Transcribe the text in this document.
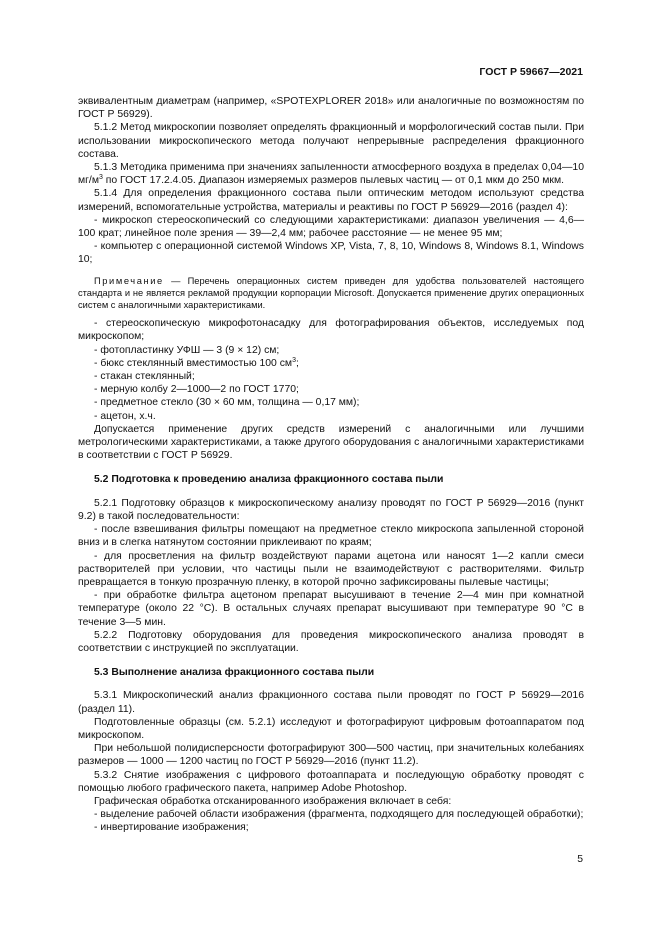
ГОСТ Р 59667—2021

эквивалентным диаметрам (например, «SPOTEXPLORER 2018» или аналогичные по возможностям по ГОСТ Р 56929).

5.1.2 Метод микроскопии позволяет определять фракционный и морфологический состав пыли. При использовании микроскопического метода получают непрерывные распределения фракционного состава.

5.1.3 Методика применима при значениях запыленности атмосферного воздуха в пределах 0,04—10 $мг/м^3$ по ГОСТ 17.2.4.05. Диапазон измеряемых размеров пылевых частиц — от 0,1 мкм до 250 мкм.

5.1.4 Для определения фракционного состава пыли оптическим методом используют средства измерений, вспомогательные устройства, материалы и реактивы по ГОСТ Р 56929—2016 (раздел 4):

- микроскоп стереоскопический со следующими характеристиками: диапазон увеличения — 4,6—100 крат; линейное поле зрения — 39—2,4 мм; рабочее расстояние — не менее 95 мм;

- компьютер с операционной системой Windows XP, Vista, 7, 8, 10, Windows 8, Windows 8.1, Windows 10;

Примечание — Перечень операционных систем приведен для удобства пользователей настоящего стандарта и не является рекламой продукции корпорации Microsoft. Допускается применение других операционных систем с аналогичными характеристиками.

- стереоскопическую микрофотонасадку для фотографирования объектов, исследуемых под микроскопом;

- фотопластинку УФШ — 3 (9 × 12) см;

- бюкс стеклянный вместимостью 100 $см^3$;

- стакан стеклянный;

- мерную колбу 2—1000—2 по ГОСТ 1770;

- предметное стекло (30 × 60 мм, толщина — 0,17 мм);

- ацетон, х.ч.

Допускается применение других средств измерений с аналогичными или лучшими метрологическими характеристиками, а также другого оборудования с аналогичными характеристиками в соответствии с ГОСТ Р 56929.

5.2 Подготовка к проведению анализа фракционного состава пыли

5.2.1 Подготовку образцов к микроскопическому анализу проводят по ГОСТ Р 56929—2016 (пункт 9.2) в такой последовательности:

- после взвешивания фильтры помещают на предметное стекло микроскопа запыленной стороной вниз и в слегка натянутом состоянии приклеивают по краям;

- для просветления на фильтр воздействуют парами ацетона или наносят 1—2 капли смеси растворителей при условии, что частицы пыли не взаимодействуют с растворителями. Фильтр превращается в тонкую прозрачную пленку, в которой прочно зафиксированы пылевые частицы;

- при обработке фильтра ацетоном препарат высушивают в течение 2—4 мин при комнатной температуре (около 22 °С). В остальных случаях препарат высушивают при температуре 90 °С в течение 3—5 мин.

5.2.2 Подготовку оборудования для проведения микроскопического анализа проводят в соответствии с инструкцией по эксплуатации.

5.3 Выполнение анализа фракционного состава пыли

5.3.1 Микроскопический анализ фракционного состава пыли проводят по ГОСТ Р 56929—2016 (раздел 11).

Подготовленные образцы (см. 5.2.1) исследуют и фотографируют цифровым фотоаппаратом под микроскопом.

При небольшой полидисперсности фотографируют 300—500 частиц, при значительных колебаниях размеров — 1000 — 1200 частиц по ГОСТ Р 56929—2016 (пункт 11.2).

5.3.2 Снятие изображения с цифрового фотоаппарата и последующую обработку проводят с помощью любого графического пакета, например Adobe Photoshop.

Графическая обработка отсканированного изображения включает в себя:

- выделение рабочей области изображения (фрагмента, подходящего для последующей обработки);

- инвертирование изображения;

5
